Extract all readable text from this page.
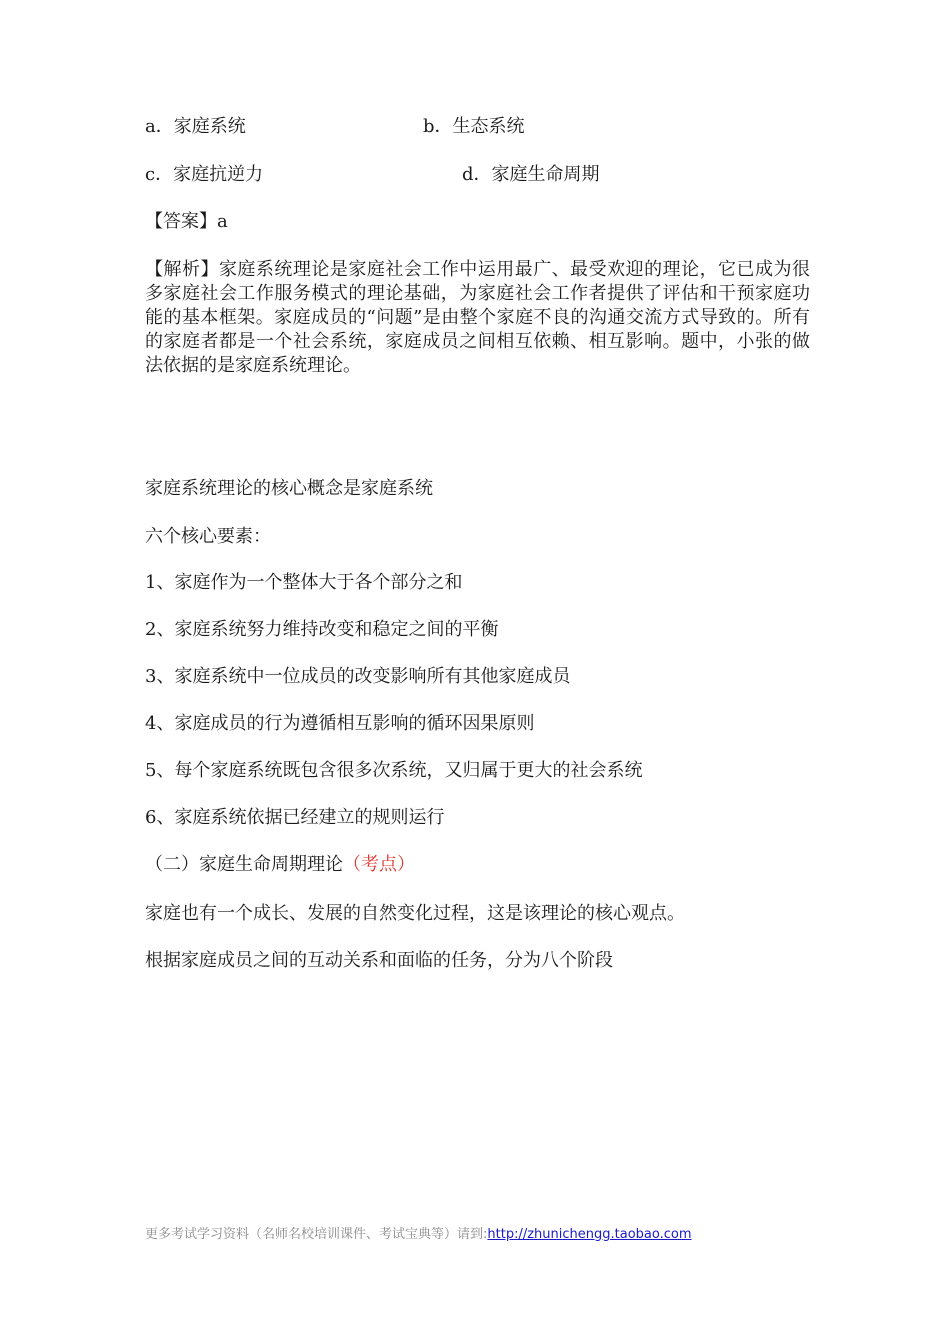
a．家庭系统	b．生态系统

c．家庭抗逆力	d．家庭生命周期

【答案】a

【解析】家庭系统理论是家庭社会工作中运用最广、最受欢迎的理论，它已成为很多家庭社会工作服务模式的理论基础，为家庭社会工作者提供了评估和干预家庭功能的基本框架。家庭成员的“问题”是由整个家庭不良的沟通交流方式导致的。所有的家庭者都是一个社会系统，家庭成员之间相互依赖、相互影响。题中，小张的做法依据的是家庭系统理论。

家庭系统理论的核心概念是家庭系统

六个核心要素：

1、家庭作为一个整体大于各个部分之和

2、家庭系统努力维持改变和稳定之间的平衡

3、家庭系统中一位成员的改变影响所有其他家庭成员

4、家庭成员的行为遵循相互影响的循环因果原则

5、每个家庭系统既包含很多次系统，又归属于更大的社会系统

6、家庭系统依据已经建立的规则运行

（二）家庭生命周期理论（考点）

家庭也有一个成长、发展的自然变化过程，这是该理论的核心观点。

根据家庭成员之间的互动关系和面临的任务，分为八个阶段

更多考试学习资料（名师名校培训课件、考试宝典等）请到:http://zhunichengg.taobao.com
